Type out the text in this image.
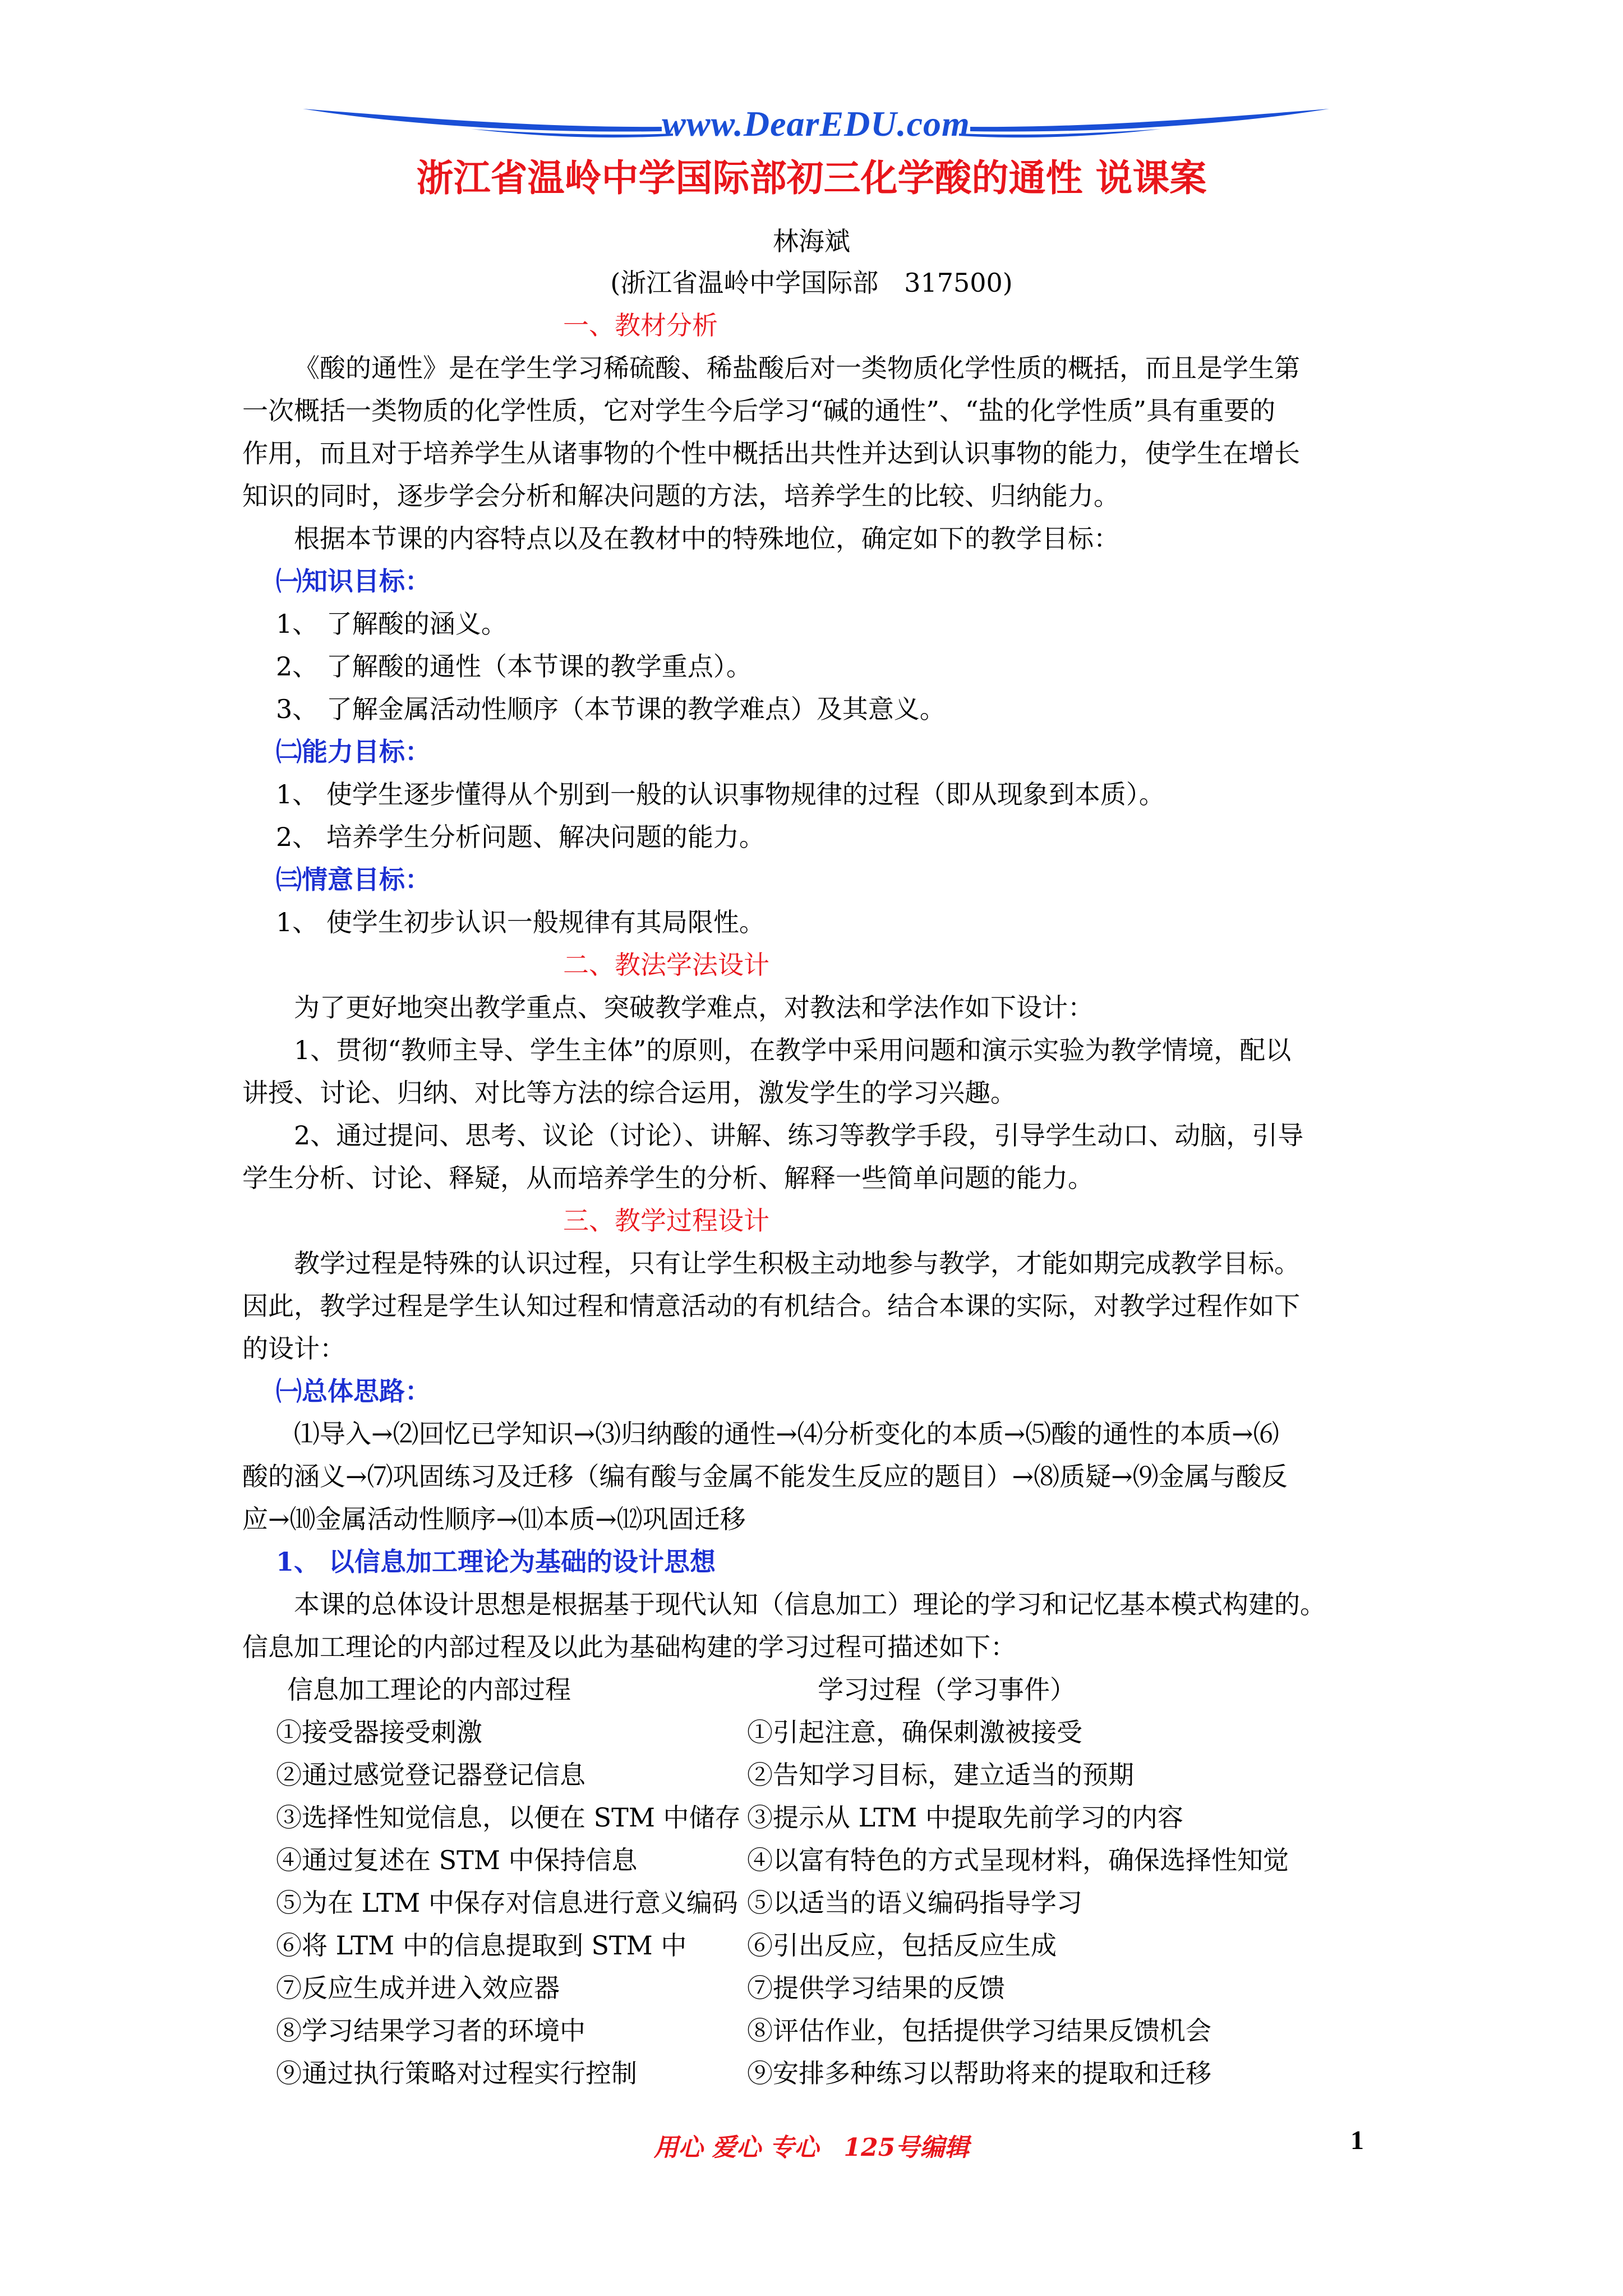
www.DearEDU.com
浙江省温岭中学国际部初三化学酸的通性 说课案
林海斌
(浙江省温岭中学国际部　317500)

一、教材分析

《酸的通性》是在学生学习稀硫酸、稀盐酸后对一类物质化学性质的概括，而且是学生第

一次概括一类物质的化学性质，它对学生今后学习“碱的通性”、“盐的化学性质”具有重要的

作用，而且对于培养学生从诸事物的个性中概括出共性并达到认识事物的能力，使学生在增长

知识的同时，逐步学会分析和解决问题的方法，培养学生的比较、归纳能力。

根据本节课的内容特点以及在教材中的特殊地位，确定如下的教学目标：

㈠知识目标：

1、 了解酸的涵义。

2、 了解酸的通性（本节课的教学重点）。

3、 了解金属活动性顺序（本节课的教学难点）及其意义。

㈡能力目标：

1、 使学生逐步懂得从个别到一般的认识事物规律的过程（即从现象到本质）。

2、 培养学生分析问题、解决问题的能力。

㈢情意目标：

1、 使学生初步认识一般规律有其局限性。

二、教法学法设计

为了更好地突出教学重点、突破教学难点，对教法和学法作如下设计：

1、贯彻“教师主导、学生主体”的原则，在教学中采用问题和演示实验为教学情境，配以

讲授、讨论、归纳、对比等方法的综合运用，激发学生的学习兴趣。

2、通过提问、思考、议论（讨论）、讲解、练习等教学手段，引导学生动口、动脑，引导

学生分析、讨论、释疑，从而培养学生的分析、解释一些简单问题的能力。

三、教学过程设计

教学过程是特殊的认识过程，只有让学生积极主动地参与教学，才能如期完成教学目标。

因此，教学过程是学生认知过程和情意活动的有机结合。结合本课的实际，对教学过程作如下

的设计：

㈠总体思路：

⑴导入→⑵回忆已学知识→⑶归纳酸的通性→⑷分析变化的本质→⑸酸的通性的本质→⑹

酸的涵义→⑺巩固练习及迁移（编有酸与金属不能发生反应的题目）→⑻质疑→⑼金属与酸反

应→⑽金属活动性顺序→⑾本质→⑿巩固迁移

1、 以信息加工理论为基础的设计思想

本课的总体设计思想是根据基于现代认知（信息加工）理论的学习和记忆基本模式构建的。

信息加工理论的内部过程及以此为基础构建的学习过程可描述如下：

信息加工理论的内部过程	学习过程（学习事件）
①接受器接受刺激	①引起注意，确保刺激被接受
②通过感觉登记器登记信息	②告知学习目标，建立适当的预期
③选择性知觉信息，以便在 STM 中储存 ③提示从 LTM 中提取先前学习的内容
④通过复述在 STM 中保持信息	④以富有特色的方式呈现材料，确保选择性知觉
⑤为在 LTM 中保存对信息进行意义编码 ⑤以适当的语义编码指导学习
⑥将 LTM 中的信息提取到 STM 中	⑥引出反应，包括反应生成
⑦反应生成并进入效应器	⑦提供学习结果的反馈
⑧学习结果学习者的环境中	⑧评估作业，包括提供学习结果反馈机会
⑨通过执行策略对过程实行控制	⑨安排多种练习以帮助将来的提取和迁移
用心 爱心 专心　125号编辑	1
